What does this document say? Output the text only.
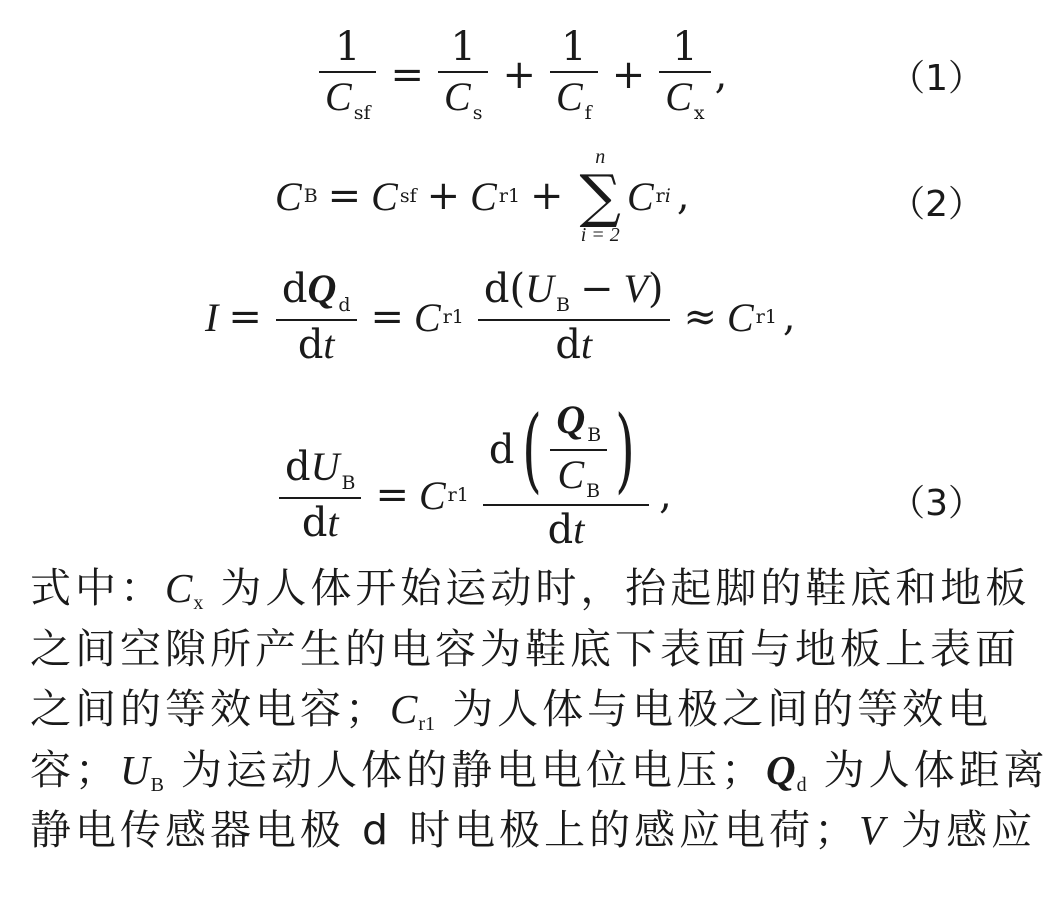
$\frac{1}{C _{sf}} = \frac{1}{C _s} + \frac{1}{C _f} + \frac{1}{C _x}$ ,	（1）
C B = C sf + C r1 +
n
∑
i = 2
C r i ,	（2）
$I = \frac{dQ _d}{dt} = C$ $r1 \frac{d(U _B - V)}{dt} \approx C$ r1 ,
$\frac{dU _B}{dt} = C$ r1
d ( $\frac{Q _B}{C _B}$ )
dt
,	（3）
式中：Cx 为人体开始运动时，抬起脚的鞋底和地板
之间空隙所产生的电容为鞋底下表面与地板上表面
之间的等效电容；Cr1 为人体与电极之间的等效电
容；UB 为运动人体的静电电位电压；Qd 为人体距离
静电传感器电极 d 时电极上的感应电荷；V 为感应
